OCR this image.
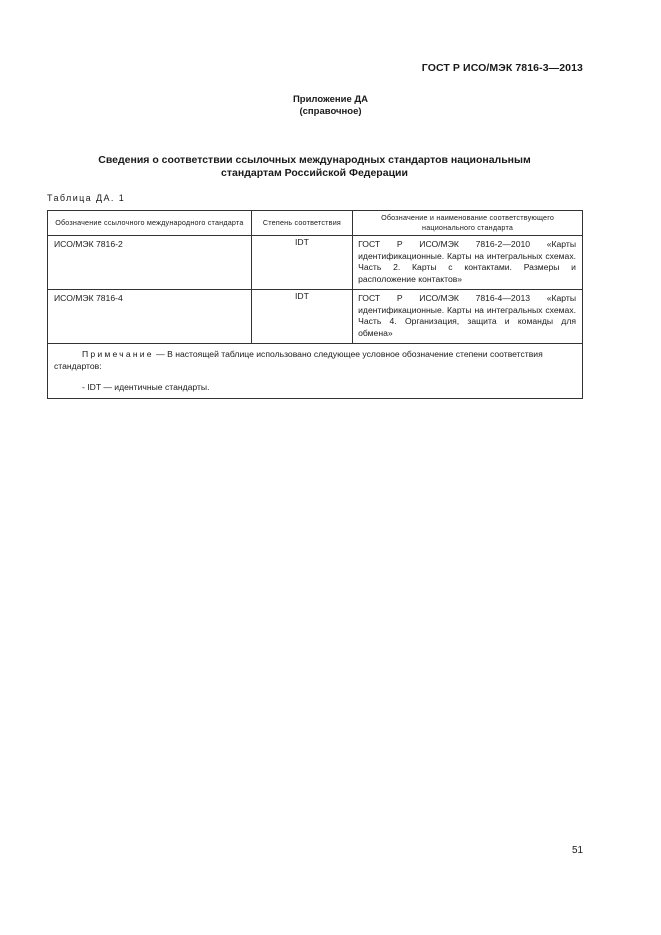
ГОСТ Р ИСО/МЭК 7816-3—2013
Приложение ДА
(справочное)
Сведения о соответствии ссылочных международных стандартов национальным
стандартам Российской Федерации
Таблица ДА. 1
Обозначение ссылочного международного стандарта	Степень соответствия	Обозначение и наименование соответствующего национального стандарта
ИСО/МЭК 7816-2	IDT	ГОСТ Р ИСО/МЭК 7816-2—2010 «Карты идентификационные. Карты на интегральных схемах. Часть 2. Карты с контактами. Размеры и расположение контактов»
ИСО/МЭК 7816-4	IDT	ГОСТ Р ИСО/МЭК 7816-4—2013 «Карты идентификационные. Карты на интегральных схемах. Часть 4. Организация, защита и команды для обмена»

Примечание — В настоящей таблице использовано следующее условное обозначение степени соответствия стандартов:
- IDT — идентичные стандарты.		
51
